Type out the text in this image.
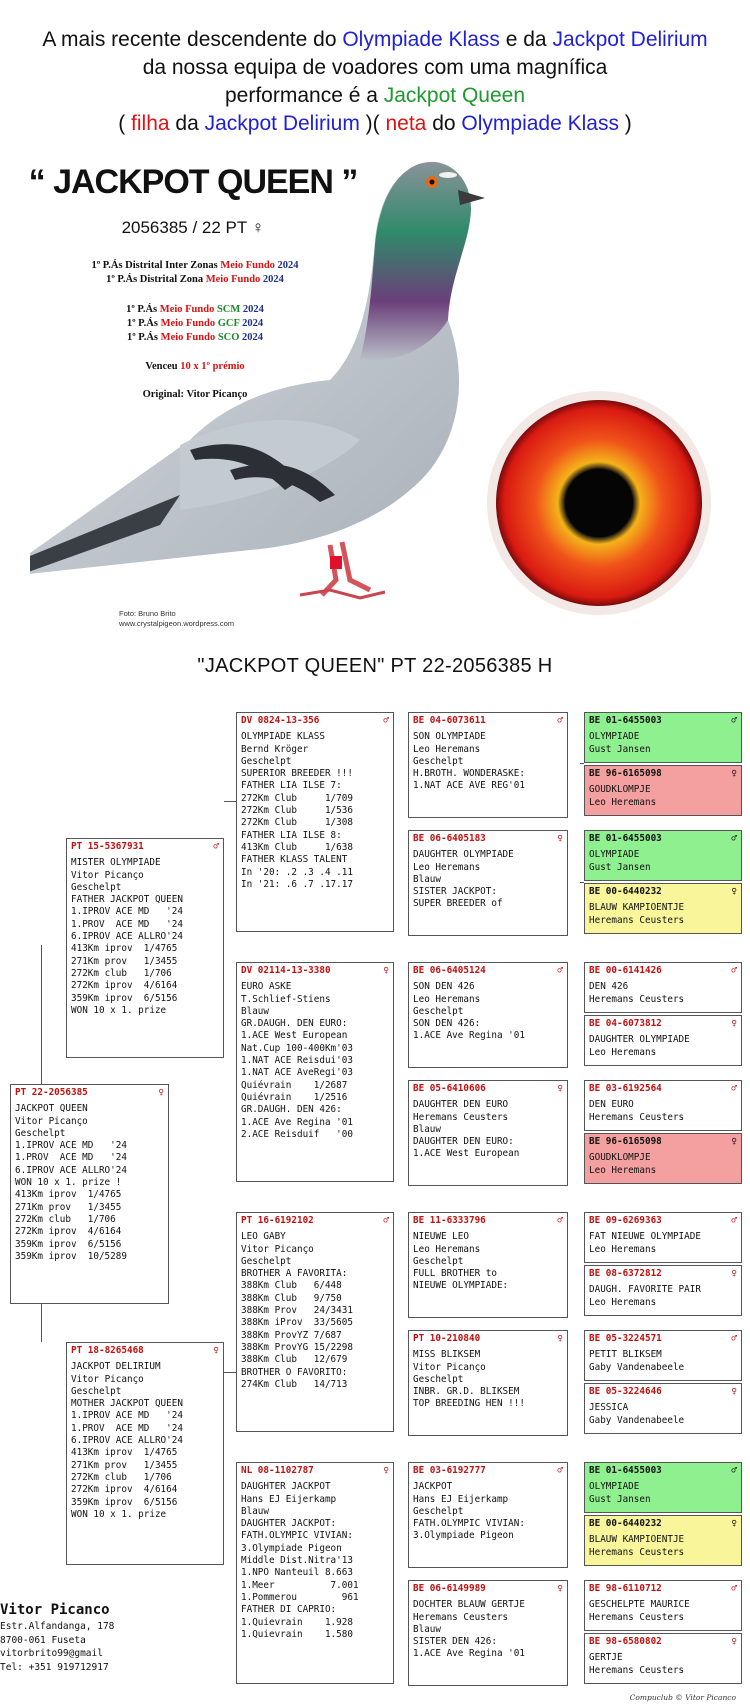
A mais recente descendente do Olympiade Klass e da Jackpot Delirium
da nossa equipa de voadores com uma magnífica
performance é a Jackpot Queen
( filha da Jackpot Delirium )( neta do Olympiade Klass )
“ JACKPOT QUEEN ”
2056385 / 22 PT ♀
1º P.Ás Distrital Inter Zonas Meio Fundo 2024
1º P.Ás Distrital Zona Meio Fundo 2024
1º P.Ás Meio Fundo SCM 2024
1º P.Ás Meio Fundo GCF 2024
1º P.Ás Meio Fundo SCO 2024
Venceu 10 x 1º prémio
Original: Vitor Picanço
Foto: Bruno Brito
www.crystalpigeon.wordpress.com
"JACKPOT QUEEN" PT 22-2056385 H
PT 22-2056385	♀
JACKPOT QUEEN
Vitor Picanço
Geschelpt
1.IPROV ACE MD   '24
1.PROV  ACE MD   '24
6.IPROV ACE ALLRO'24
WON 10 x 1. prize !
413Km iprov  1/4765
271Km prov   1/3455
272Km club   1/706
272Km iprov  4/6164
359Km iprov  6/5156
359Km iprov  10/5289
PT 15-5367931	♂
MISTER OLYMPIADE
Vitor Picanço
Geschelpt
FATHER JACKPOT QUEEN
1.IPROV ACE MD   '24
1.PROV  ACE MD   '24
6.IPROV ACE ALLRO'24
413Km iprov  1/4765
271Km prov   1/3455
272Km club   1/706
272Km iprov  4/6164
359Km iprov  6/5156
WON 10 x 1. prize
PT 18-8265468	♀
JACKPOT DELIRIUM
Vitor Picanço
Geschelpt
MOTHER JACKPOT QUEEN
1.IPROV ACE MD   '24
1.PROV  ACE MD   '24
6.IPROV ACE ALLRO'24
413Km iprov  1/4765
271Km prov   1/3455
272Km club   1/706
272Km iprov  4/6164
359Km iprov  6/5156
WON 10 x 1. prize
DV 0824-13-356	♂
OLYMPIADE KLASS
Bernd Kröger
Geschelpt
SUPERIOR BREEDER !!!
FATHER LIA ILSE 7:
272Km Club     1/709
272Km Club     1/536
272Km Club     1/308
FATHER LIA ILSE 8:
413Km Club     1/638
FATHER KLASS TALENT
In '20: .2 .3 .4 .11
In '21: .6 .7 .17.17
DV 02114-13-3380	♀
EURO ASKE
T.Schlief-Stiens
Blauw
GR.DAUGH. DEN EURO:
1.ACE West European
Nat.Cup 100-400Km'03
1.NAT ACE Reisdui'03
1.NAT ACE AveRegi'03
Quiévrain    1/2687
Quiévrain    1/2516
GR.DAUGH. DEN 426:
1.ACE Ave Regina '01
2.ACE Reisduif   '00
PT 16-6192102	♂
LEO GABY
Vitor Picanço
Geschelpt
BROTHER A FAVORITA:
388Km Club   6/448
388Km Club   9/750
388Km Prov   24/3431
388Km iProv  33/5605
388Km ProvYZ 7/687
388Km ProvYG 15/2298
388Km Club   12/679
BROTHER O FAVORITO:
274Km Club   14/713
NL 08-1102787	♀
DAUGHTER JACKPOT
Hans EJ Eijerkamp
Blauw
DAUGHTER JACKPOT:
FATH.OLYMPIC VIVIAN:
3.Olympiade Pigeon
Middle Dist.Nitra'13
1.NPO Nanteuil 8.663
1.Meer          7.001
1.Pommerou        961
FATHER DI CAPRIO:
1.Quievrain    1.928
1.Quievrain    1.580
BE 04-6073611	♂
SON OLYMPIADE
Leo Heremans
Geschelpt
H.BROTH. WONDERASKE:
1.NAT ACE AVE REG'01
BE 06-6405183	♀
DAUGHTER OLYMPIADE
Leo Heremans
Blauw
SISTER JACKPOT:
SUPER BREEDER of
BE 06-6405124	♂
SON DEN 426
Leo Heremans
Geschelpt
SON DEN 426:
1.ACE Ave Regina '01
BE 05-6410606	♀
DAUGHTER DEN EURO
Heremans Ceusters
Blauw
DAUGHTER DEN EURO:
1.ACE West European
BE 11-6333796	♂
NIEUWE LEO
Leo Heremans
Geschelpt
FULL BROTHER to
NIEUWE OLYMPIADE:
PT 10-210840	♀
MISS BLIKSEM
Vitor Picanço
Geschelpt
INBR. GR.D. BLIKSEM
TOP BREEDING HEN !!!
BE 03-6192777	♂
JACKPOT
Hans EJ Eijerkamp
Geschelpt
FATH.OLYMPIC VIVIAN:
3.Olympiade Pigeon
BE 06-6149989	♀
DOCHTER BLAUW GERTJE
Heremans Ceusters
Blauw
SISTER DEN 426:
1.ACE Ave Regina '01
BE 01-6455003	♂
OLYMPIADE
Gust Jansen
BE 96-6165098	♀
GOUDKLOMPJE
Leo Heremans
BE 01-6455003	♂
OLYMPIADE
Gust Jansen
BE 00-6440232	♀
BLAUW KAMPIOENTJE
Heremans Ceusters
BE 00-6141426	♂
DEN 426
Heremans Ceusters
BE 04-6073812	♀
DAUGHTER OLYMPIADE
Leo Heremans
BE 03-6192564	♂
DEN EURO
Heremans Ceusters
BE 96-6165098	♀
GOUDKLOMPJE
Leo Heremans
BE 09-6269363	♂
FAT NIEUWE OLYMPIADE
Leo Heremans
BE 08-6372812	♀
DAUGH. FAVORITE PAIR
Leo Heremans
BE 05-3224571	♂
PETIT BLIKSEM
Gaby Vandenabeele
BE 05-3224646	♀
JESSICA
Gaby Vandenabeele
BE 01-6455003	♂
OLYMPIADE
Gust Jansen
BE 00-6440232	♀
BLAUW KAMPIOENTJE
Heremans Ceusters
BE 98-6110712	♂
GESCHELPTE MAURICE
Heremans Ceusters
BE 98-6580802	♀
GERTJE
Heremans Ceusters
Vitor Picanco
Estr.Alfandanga, 178
8700-061 Fuseta
vitorbrito99@gmail
Tel: +351 919712917
Compuclub © Vitor Picanco
